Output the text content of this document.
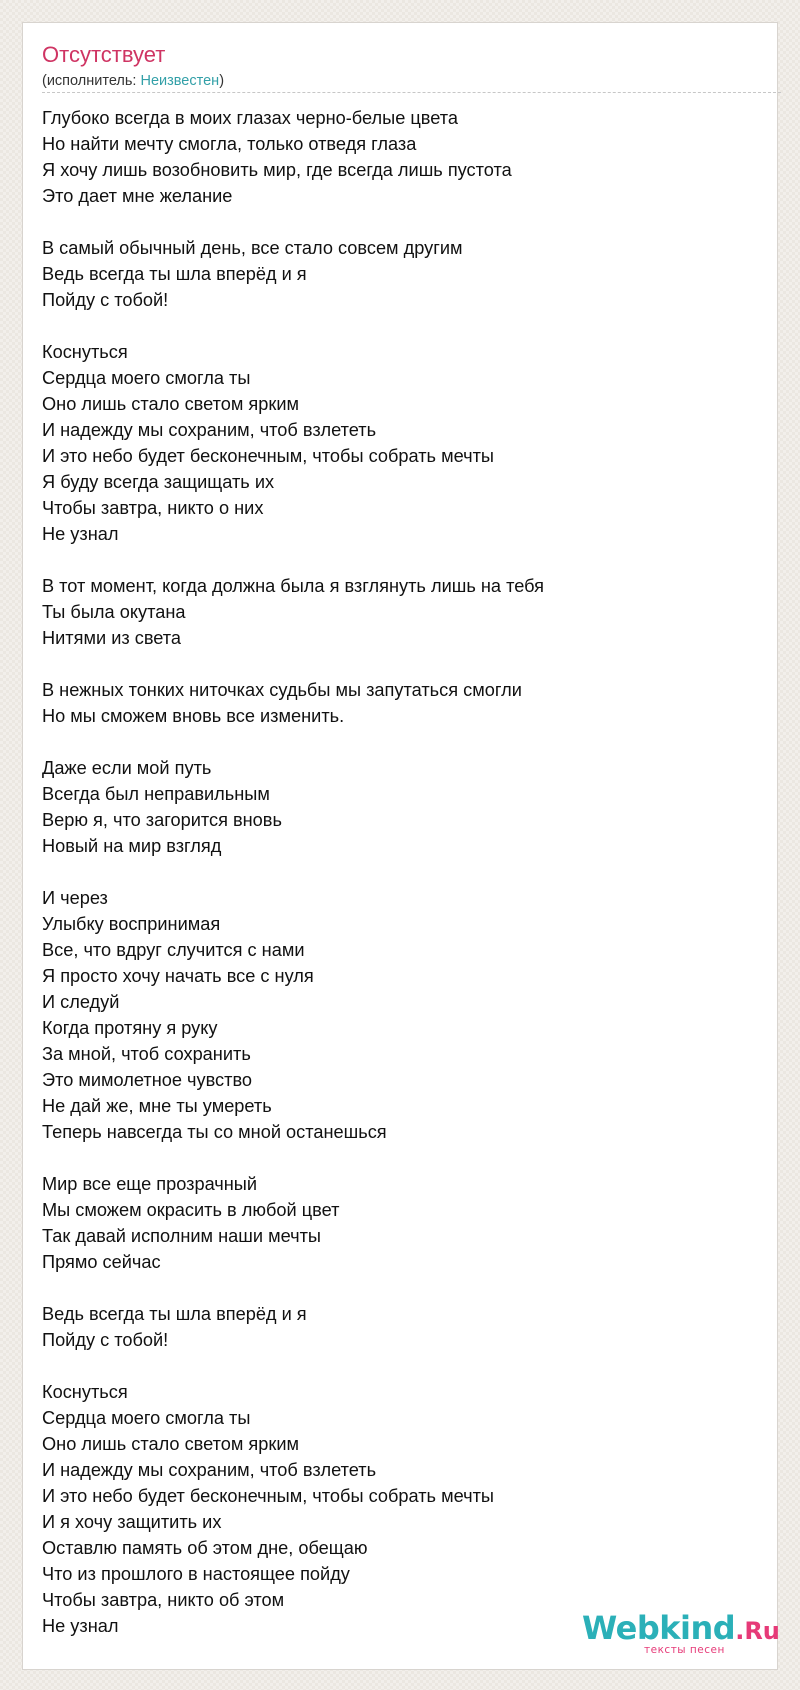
Отсутствует
(исполнитель: Неизвестен)
Глубоко всегда в моих глазах черно-белые цвета
Но найти мечту смогла, только отведя глаза
Я хочу лишь возобновить мир, где всегда лишь пустота
Это дает мне желание
В самый обычный день, все стало совсем другим
Ведь всегда ты шла вперёд и я
Пойду с тобой!
Коснуться
Сердца моего смогла ты
Оно лишь стало светом ярким
И надежду мы сохраним, чтоб взлететь
И это небо будет бесконечным, чтобы собрать мечты
Я буду всегда защищать их
Чтобы завтра, никто о них
Не узнал
В тот момент, когда должна была я взглянуть лишь на тебя
Ты была окутана
Нитями из света
В нежных тонких ниточках судьбы мы запутаться смогли
Но мы сможем вновь все изменить.
Даже если мой путь
Всегда был неправильным
Верю я, что загорится вновь
Новый на мир взгляд
И через
Улыбку воспринимая
Все, что вдруг случится с нами
Я просто хочу начать все с нуля
И следуй
Когда протяну я руку
За мной, чтоб сохранить
Это мимолетное чувство
Не дай же, мне ты умереть
Теперь навсегда ты со мной останешься
Мир все еще прозрачный
Мы сможем окрасить в любой цвет
Так давай исполним наши мечты
Прямо сейчас
Ведь всегда ты шла вперёд и я
Пойду с тобой!
Коснуться
Сердца моего смогла ты
Оно лишь стало светом ярким
И надежду мы сохраним, чтоб взлететь
И это небо будет бесконечным, чтобы собрать мечты
И я хочу защитить их
Оставлю память об этом дне, обещаю
Что из прошлого в настоящее пойду
Чтобы завтра, никто об этом
Не узнал	Webkind.Ru
тексты песен
